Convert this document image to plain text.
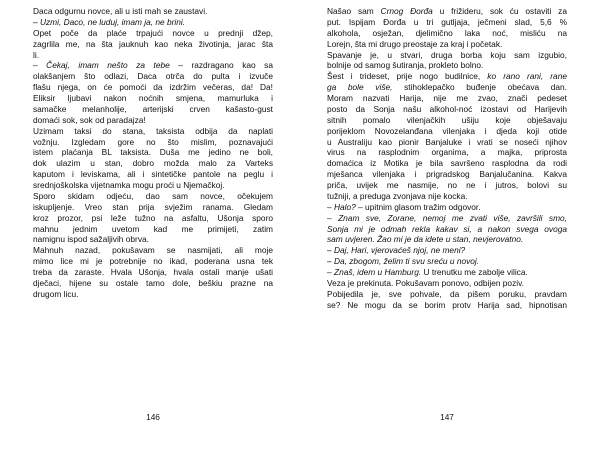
Daca odgurnu novce, ali u isti mah se zaustavi.
– Uzmi, Daco, ne luduj, imam ja, ne brini.
Opet poče da plaće trpajući novce u prednji džep,
zagrlila me, na šta jauknuh kao neka životinja, jarac šta
li.
– Čekaj, imam nešto za tebe – razdragano kao sa
olakšanjem što odlazi, Daca otrča do pulta i izvuče
flašu njega, on će pomoći da izdržim večeras, da! Da!
Eliksir ljubavi nakon noćnih smjena, mamurluka i
samačke melanholije, arterijski crven kašasto-gust
domaći sok, sok od paradajza!
Uzimam taksi do stana, taksista odbija da naplati
vožnju. Izgledam gore no što mislim, poznavajući
istem plaćanja BL taksista. Duša me jedino ne boli,
dok ulazim u stan, dobro možda malo za Varteks
kaputom i leviskama, ali i sintetičke pantole na peglu i
srednjoškolska vijetnamka mogu proći u Njemačkoj.
Sporo skidam odjeću, dao sam novce, očekujem
iskupljenje. Vreo stan prija svježim ranama. Gledam
kroz prozor, psi leže tužno na asfaltu, Ušonja sporo
mahnu jednim uvetom kad me primijeti, zatim
namignu ispod sažaljivih obrva.
Mahnuh nazad, pokušavam se nasmijati, ali moje
mimo lice mi je potrebnije no ikad, poderana usna tek
treba da zaraste. Hvala Ušonja, hvala ostali manje ušati
dječaci, hijene su ostale tamo dole, beškiu prazne na
drugom licu.
146
Našao sam Crnog Đorđa u frižideru, sok ću ostaviti za
put. Ispijam Đorđa u tri gutljaja, ječmeni slad, 5,6 %
alkohola, osježan, djelimično laka noć, misliću na
Lorejn, šta mi drugo preostaje za kraj i početak.
Spavanje je, u stvari, druga borba koju sam izgubio,
bolnije od samog šutiranja, prokleto bolno.
Šest i trideset, prije nogo budilnice, ko rano rani, rane
ga bole više, stihoklepačko buđenje obećava dan.
Moram nazvati Harija, nije me zvao, znači pedeset
posto da Sonja našu alkohol-noć izostavi od Harijevih
sitnih pomalo vilenjačkih ušiju koje obješavaju
porijeklom Novozelanđana vilenjaka i djeda koji otide
u Australiju kao pionir Banjaluke i vrati se noseći njihov
virus na rasplodnim organima, a majka, priprosta
domaćica iz Motika je bila savršeno rasplodna da rodi
mješanca vilenjaka i prigradskog Banjalučanina. Kakva
priča, uvijek me nasmije, no ne i jutros, bolovi su
tužniji, a preduga zvonjava nije kocka.
– Halo? – upitnim glasom tražim odgovor.
– Znam sve, Zorane, nemoj me zvati više, završili smo,
Sonja mi je odmah rekla kakav si, a nakon svega ovoga
sam uvjeren. Žao mi je da idete u stan, nevjerovatno.
– Daj, Hari, vjerovaćeš njoj, ne meni?
– Da, zbogom, želim ti svu sreću u novoj.
– Znaš, idem u Hamburg. U trenutku me zabolje vilica.
Veza je prekinuta. Pokušavam ponovo, odbijen poziv.
Pobijedila je, sve pohvale, da pišem poruku, pravdam
se? Ne mogu da se borim protv Harija sad, hipnotisan
147
